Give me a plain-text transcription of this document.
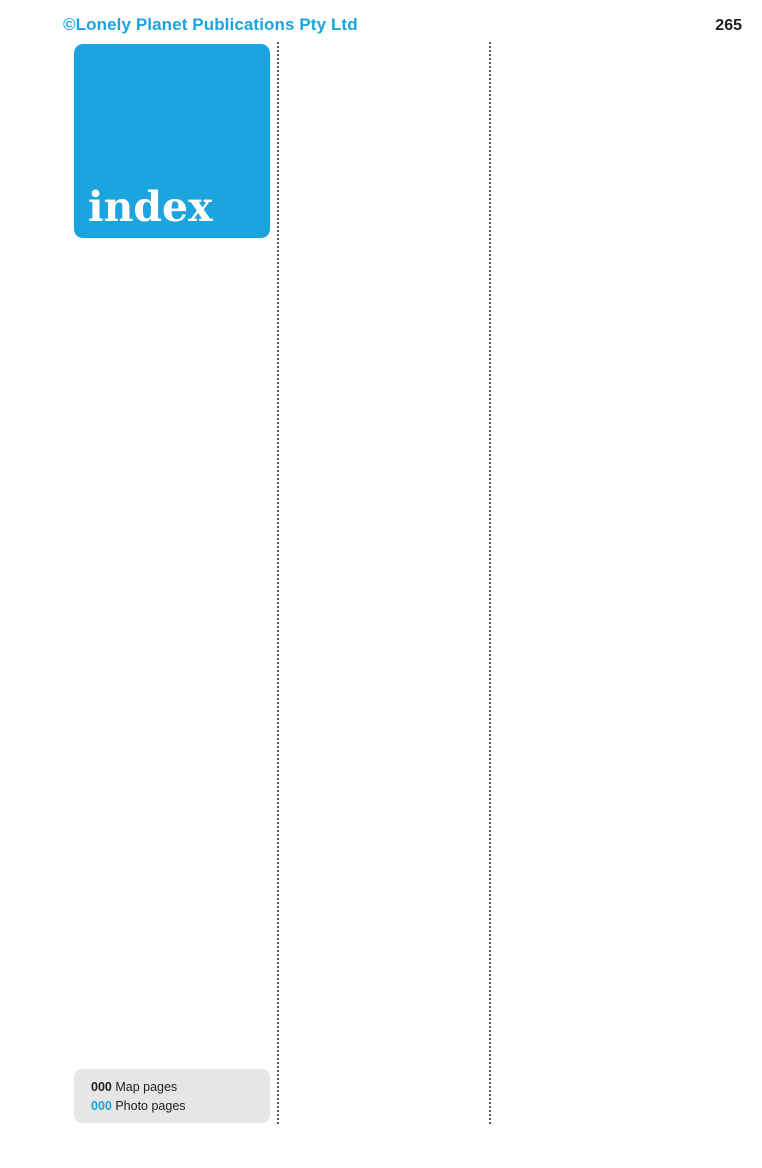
©Lonely Planet Publications Pty Ltd	265
index
000 Map pages
000 Photo pages
